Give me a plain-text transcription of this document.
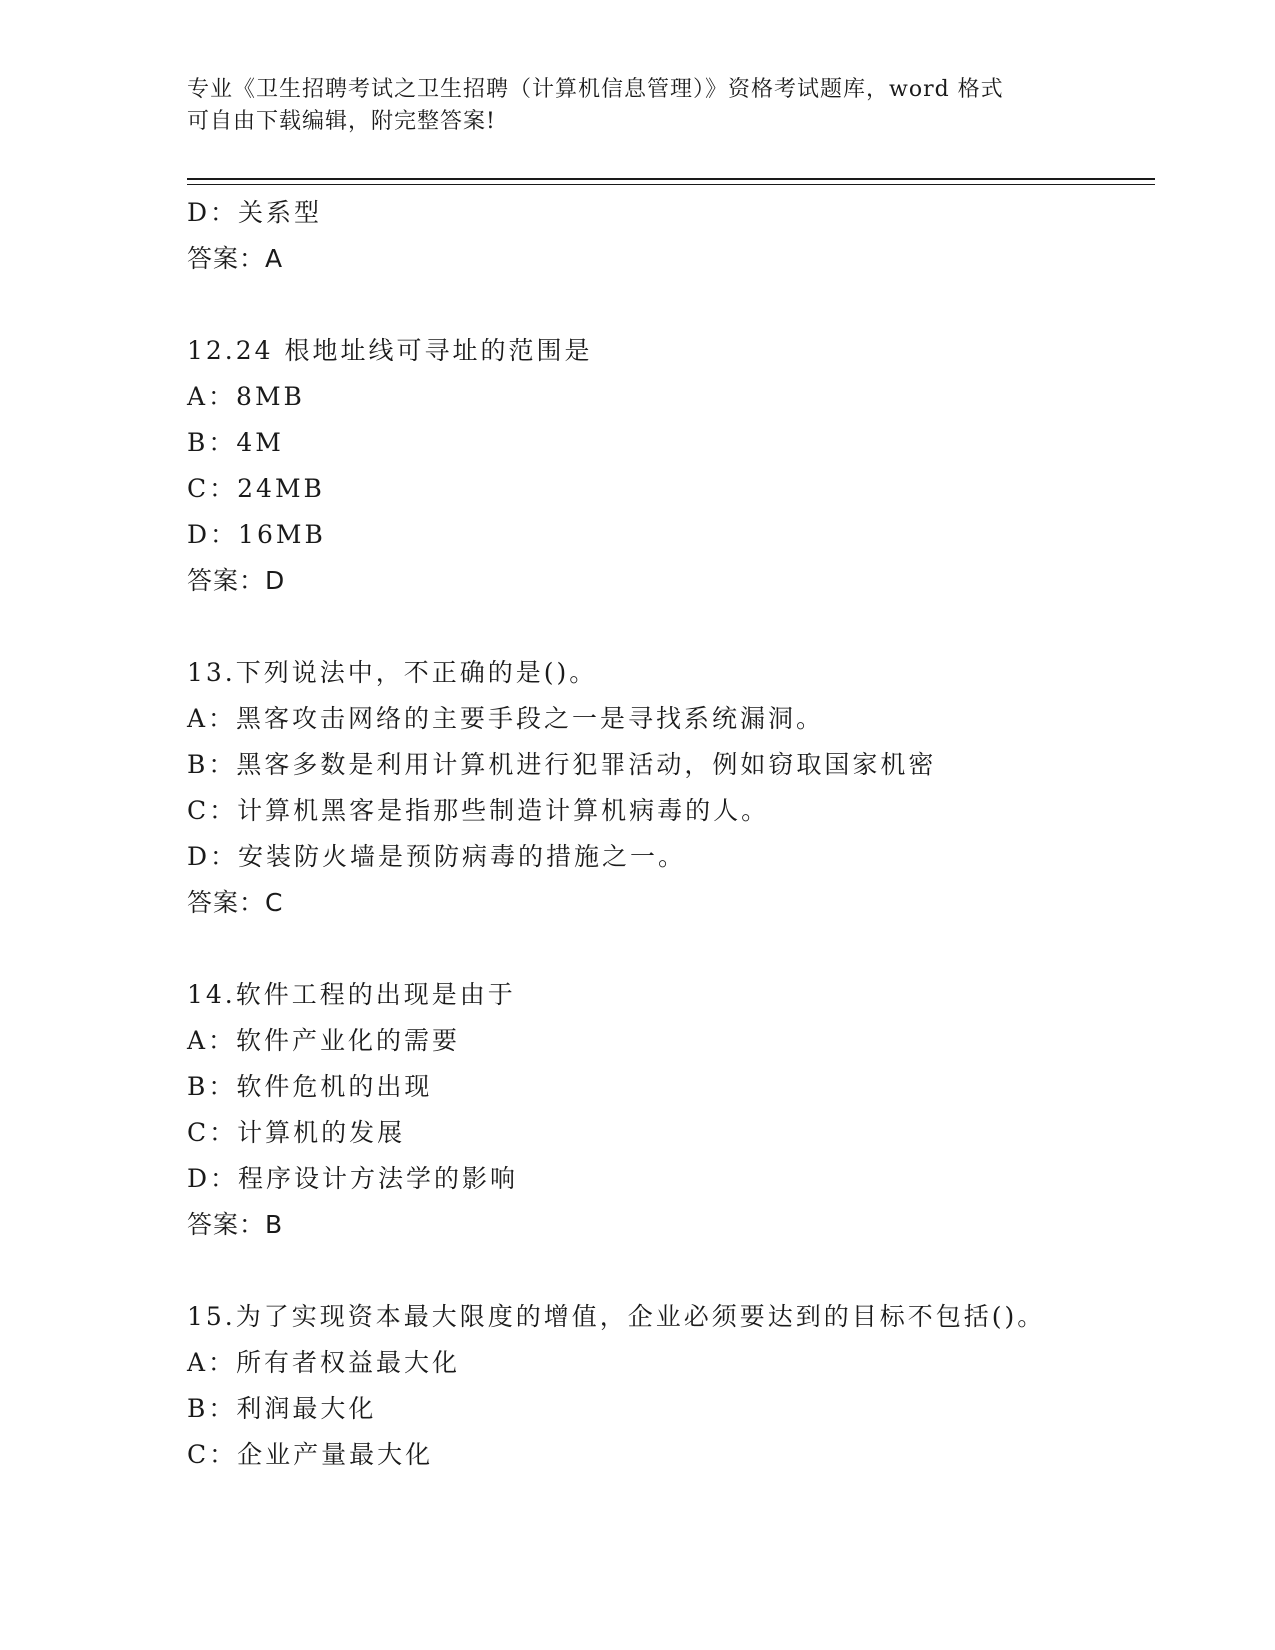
专业《卫生招聘考试之卫生招聘（计算机信息管理）》资格考试题库，word 格式
可自由下载编辑，附完整答案!
D：关系型
答案：A
12.24 根地址线可寻址的范围是
A：8MB
B：4M
C：24MB
D：16MB
答案：D
13.下列说法中，不正确的是()。
A：黑客攻击网络的主要手段之一是寻找系统漏洞。
B：黑客多数是利用计算机进行犯罪活动，例如窃取国家机密
C：计算机黑客是指那些制造计算机病毒的人。
D：安装防火墙是预防病毒的措施之一。
答案：C
14.软件工程的出现是由于
A：软件产业化的需要
B：软件危机的出现
C：计算机的发展
D：程序设计方法学的影响
答案：B
15.为了实现资本最大限度的增值，企业必须要达到的目标不包括()。
A：所有者权益最大化
B：利润最大化
C：企业产量最大化
